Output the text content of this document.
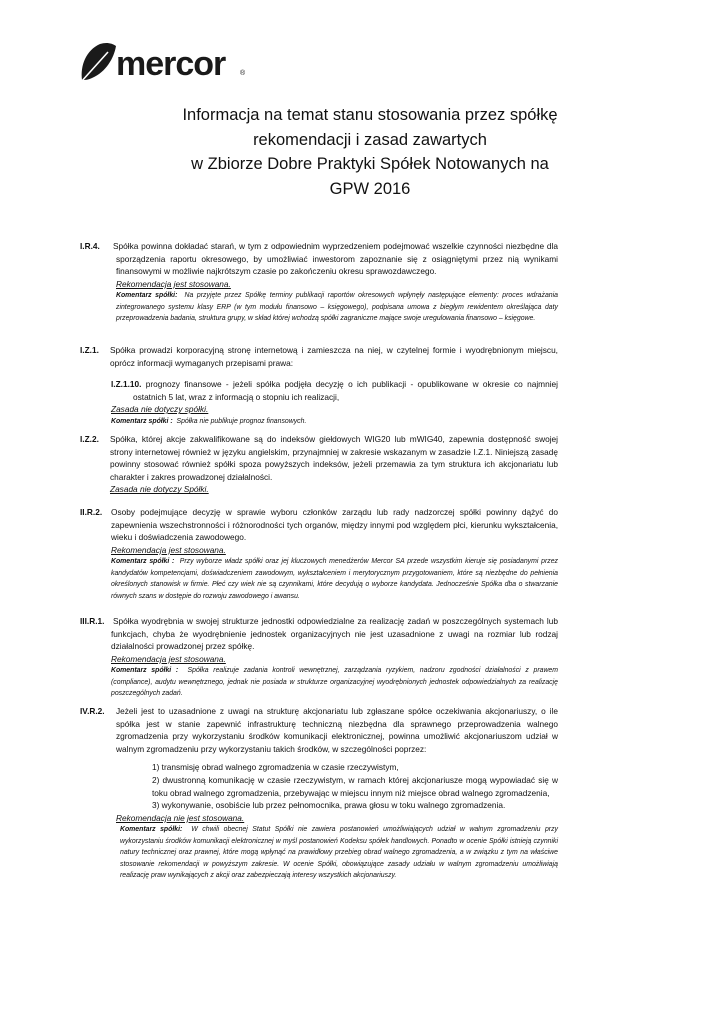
mercor ®
Informacja na temat stanu stosowania przez spółkę
rekomendacji i zasad zawartych
w Zbiorze Dobre Praktyki Spółek Notowanych na
GPW 2016

I.R.4. Spółka powinna dokładać starań, w tym z odpowiednim wyprzedzeniem podejmować wszelkie czynności niezbędne dla sporządzenia raportu okresowego, by umożliwiać inwestorom zapoznanie się z osiągniętymi przez nią wynikami finansowymi w możliwie najkrótszym czasie po zakończeniu okresu sprawozdawczego.

Rekomendacja jest stosowana.

Komentarz spółki: Na przyjęte przez Spółkę terminy publikacji raportów okresowych wpłynęły następujące elementy: proces wdrażania zintegrowanego systemu klasy ERP (w tym modułu finansowo – księgowego), podpisana umowa z biegłym rewidentem określająca daty przeprowadzenia badania, struktura grupy, w skład której wchodzą spółki zagraniczne mające swoje uregulowania finansowo – księgowe.

I.Z.1. Spółka prowadzi korporacyjną stronę internetową i zamieszcza na niej, w czytelnej formie i wyodrębnionym miejscu, oprócz informacji wymaganych przepisami prawa:

I.Z.1.10. prognozy finansowe - jeżeli spółka podjęła decyzję o ich publikacji - opublikowane w okresie co najmniej ostatnich 5 lat, wraz z informacją o stopniu ich realizacji,

Zasada nie dotyczy spółki.

Komentarz spółki : Spółka nie publikuje prognoz finansowych.

I.Z.2. Spółka, której akcje zakwalifikowane są do indeksów giełdowych WIG20 lub mWIG40, zapewnia dostępność swojej strony internetowej również w języku angielskim, przynajmniej w zakresie wskazanym w zasadzie I.Z.1. Niniejszą zasadę powinny stosować również spółki spoza powyższych indeksów, jeżeli przemawia za tym struktura ich akcjonariatu lub charakter i zakres prowadzonej działalności.

Zasada nie dotyczy Spółki.

II.R.2. Osoby podejmujące decyzję w sprawie wyboru członków zarządu lub rady nadzorczej spółki powinny dążyć do zapewnienia wszechstronności i różnorodności tych organów, między innymi pod względem płci, kierunku wykształcenia, wieku i doświadczenia zawodowego.

Rekomendacja jest stosowana.

Komentarz spółki : Przy wyborze władz spółki oraz jej kluczowych menedżerów Mercor SA przede wszystkim kieruje się posiadanymi przez kandydatów kompetencjami, doświadczeniem zawodowym, wykształceniem i merytorycznym przygotowaniem, które są niezbędne do pełnienia określonych stanowisk w firmie. Płeć czy wiek nie są czynnikami, które decydują o wyborze kandydata. Jednocześnie Spółka dba o stwarzanie równych szans w dostępie do rozwoju zawodowego i awansu.

III.R.1. Spółka wyodrębnia w swojej strukturze jednostki odpowiedzialne za realizację zadań w poszczególnych systemach lub funkcjach, chyba że wyodrębnienie jednostek organizacyjnych nie jest uzasadnione z uwagi na rozmiar lub rodzaj działalności prowadzonej przez spółkę.

Rekomendacja jest stosowana.

Komentarz spółki : Spółka realizuje zadania kontroli wewnętrznej, zarządzania ryzykiem, nadzoru zgodności działalności z prawem (compliance), audytu wewnętrznego, jednak nie posiada w strukturze organizacyjnej wyodrębnionych jednostek odpowiedzialnych za realizację poszczególnych zadań.

IV.R.2. Jeżeli jest to uzasadnione z uwagi na strukturę akcjonariatu lub zgłaszane spółce oczekiwania akcjonariuszy, o ile spółka jest w stanie zapewnić infrastrukturę techniczną niezbędna dla sprawnego przeprowadzenia walnego zgromadzenia przy wykorzystaniu środków komunikacji elektronicznej, powinna umożliwić akcjonariuszom udział w walnym zgromadzeniu przy wykorzystaniu takich środków, w szczególności poprzez:

1) transmisję obrad walnego zgromadzenia w czasie rzeczywistym,
2) dwustronną komunikację w czasie rzeczywistym, w ramach której akcjonariusze mogą wypowiadać się w toku obrad walnego zgromadzenia, przebywając w miejscu innym niż miejsce obrad walnego zgromadzenia,
3) wykonywanie, osobiście lub przez pełnomocnika, prawa głosu w toku walnego zgromadzenia.

Rekomendacja nie jest stosowana.

Komentarz spółki: W chwili obecnej Statut Spółki nie zawiera postanowień umożliwiających udział w walnym zgromadzeniu przy wykorzystaniu środków komunikacji elektronicznej w myśl postanowień Kodeksu spółek handlowych. Ponadto w ocenie Spółki istnieją czynniki natury technicznej oraz prawnej, które mogą wpłynąć na prawidłowy przebieg obrad walnego zgromadzenia, a w związku z tym na właściwe stosowanie rekomendacji w powyższym zakresie. W ocenie Spółki, obowiązujące zasady udziału w walnym zgromadzeniu umożliwiają realizację praw wynikających z akcji oraz zabezpieczają interesy wszystkich akcjonariuszy.
